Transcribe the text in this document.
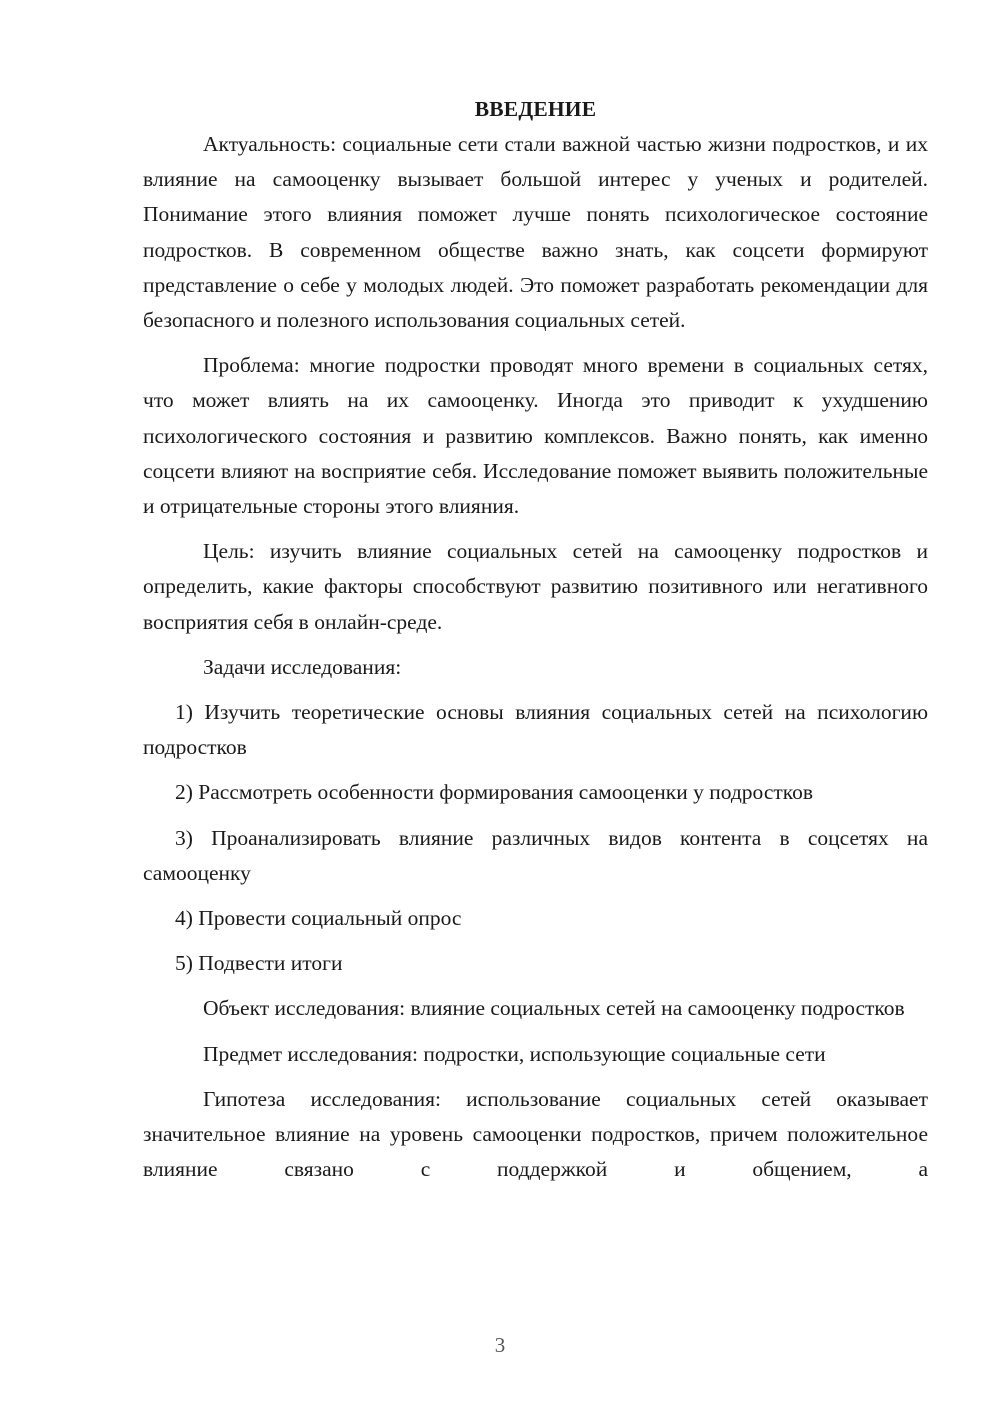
ВВЕДЕНИЕ

Актуальность: социальные сети стали важной частью жизни подростков, и их влияние на самооценку вызывает большой интерес у ученых и родителей. Понимание этого влияния поможет лучше понять психологическое состояние подростков. В современном обществе важно знать, как соцсети формируют представление о себе у молодых людей. Это поможет разработать рекомендации для безопасного и полезного использования социальных сетей.

Проблема: многие подростки проводят много времени в социальных сетях, что может влиять на их самооценку. Иногда это приводит к ухудшению психологического состояния и развитию комплексов. Важно понять, как именно соцсети влияют на восприятие себя. Исследование поможет выявить положительные и отрицательные стороны этого влияния.

Цель: изучить влияние социальных сетей на самооценку подростков и определить, какие факторы способствуют развитию позитивного или негативного восприятия себя в онлайн-среде.

Задачи исследования:

1) Изучить теоретические основы влияния социальных сетей на психологию подростков

2) Рассмотреть особенности формирования самооценки у подростков

3) Проанализировать влияние различных видов контента в соцсетях на самооценку

4) Провести социальный опрос

5) Подвести итоги

Объект исследования: влияние социальных сетей на самооценку подростков

Предмет исследования: подростки, использующие социальные сети

Гипотеза исследования: использование социальных сетей оказывает значительное влияние на уровень самооценки подростков, причем положительное влияние связано с поддержкой и общением, а

3
